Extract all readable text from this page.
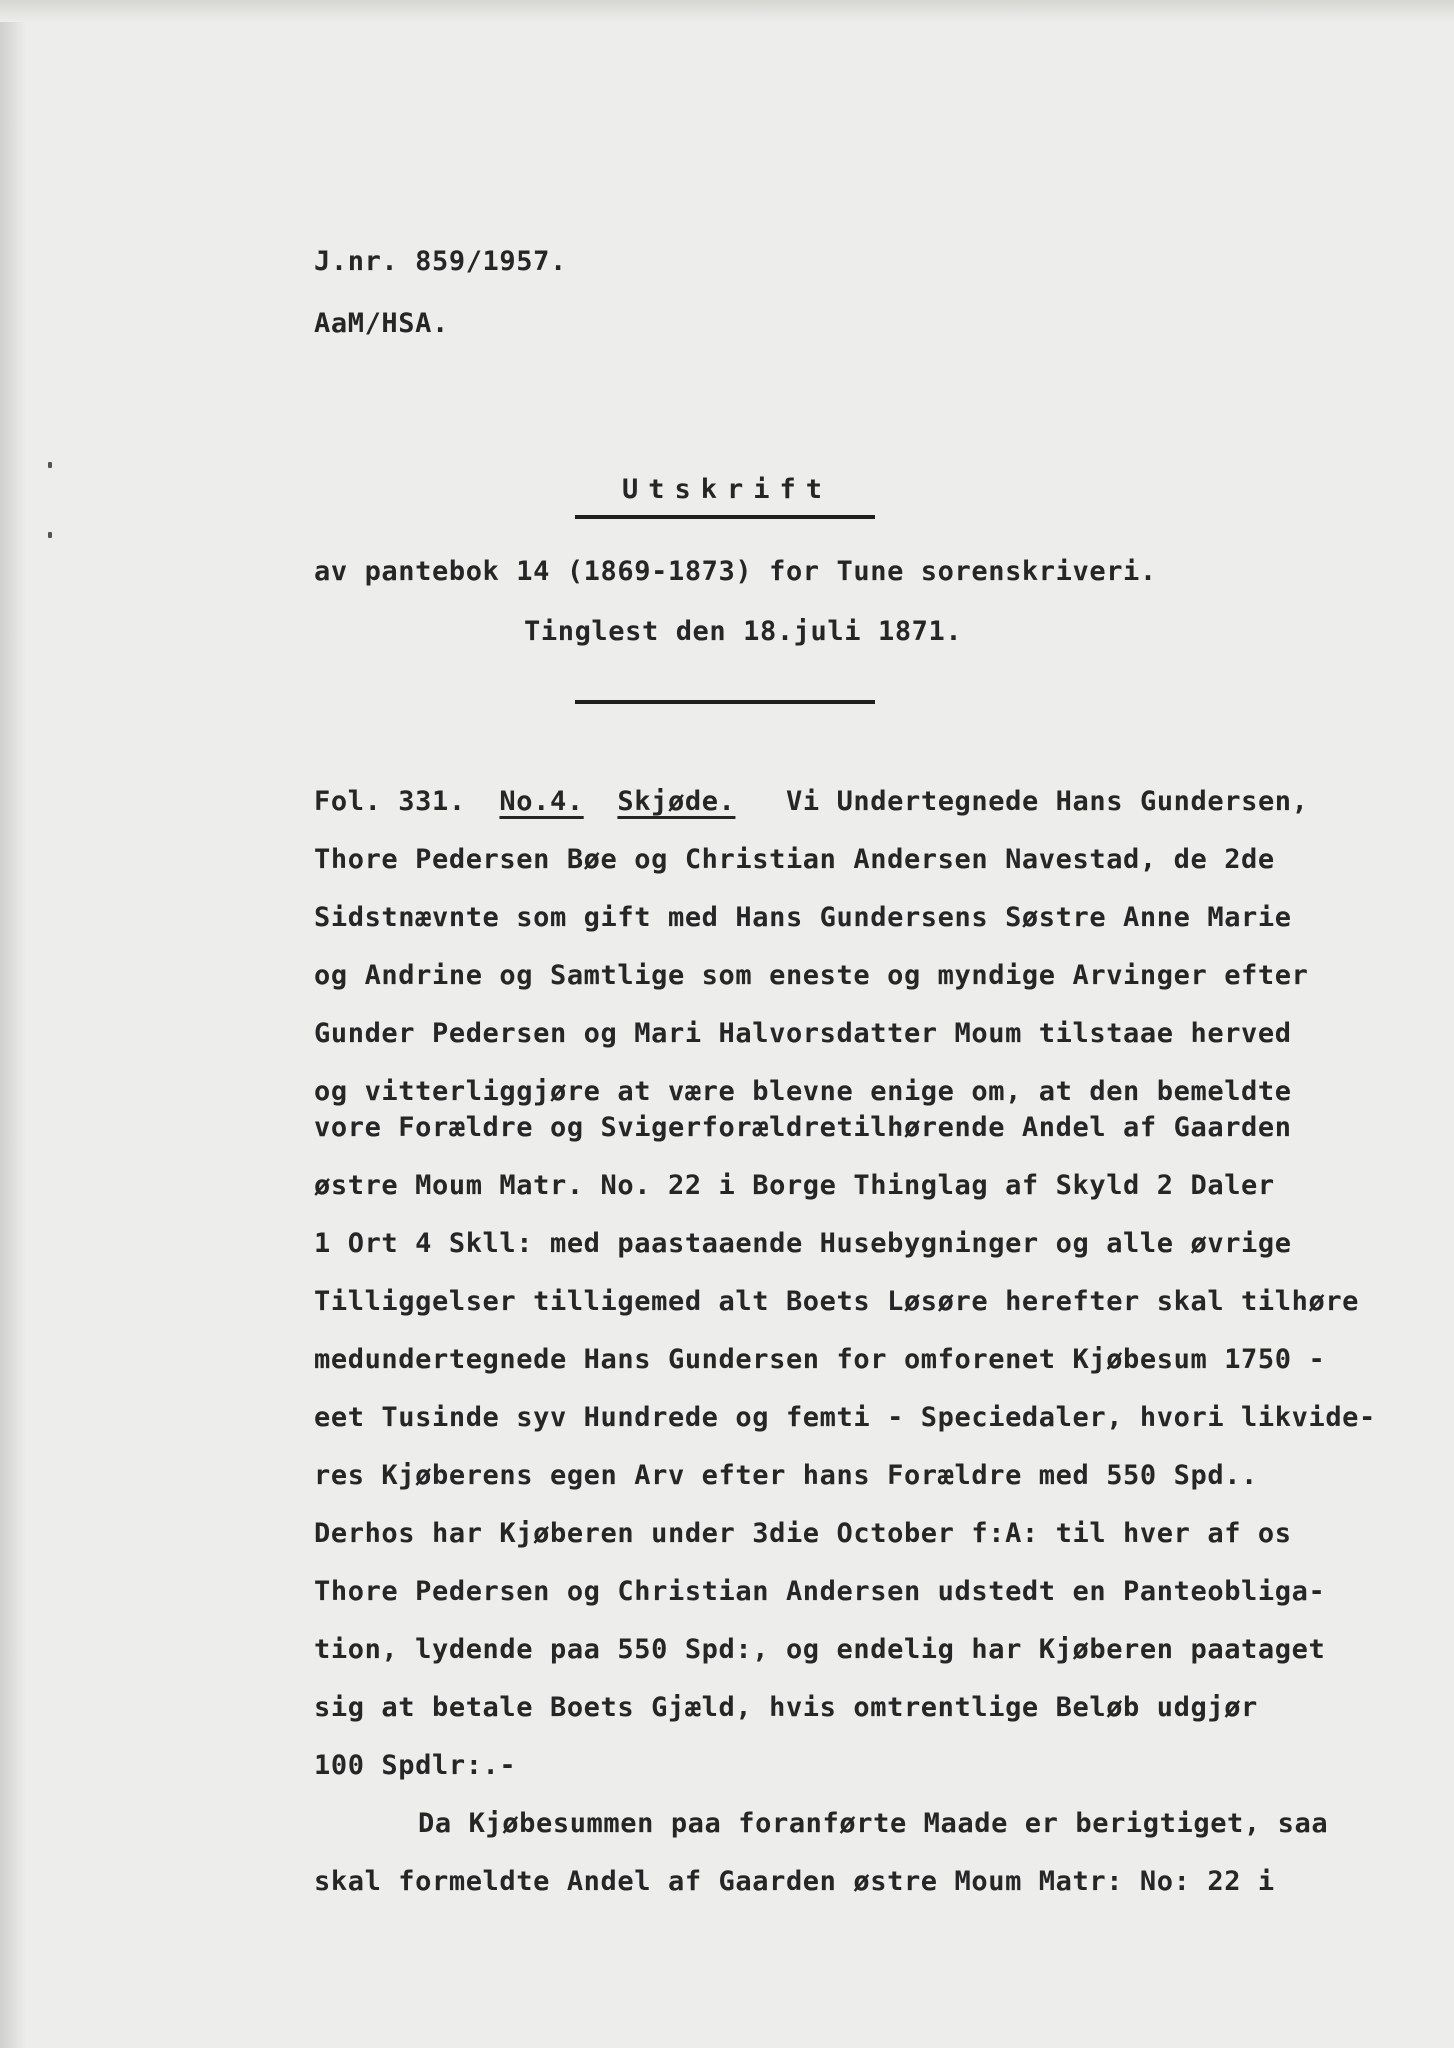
J.nr. 859/1957.
AaM/HSA.
Utskrift
av pantebok 14 (1869-1873) for Tune sorenskriveri.
Tinglest den 18.juli 1871.
Fol. 331. No.4. Skjøde. Vi Undertegnede Hans Gundersen,
Thore Pedersen Bøe og Christian Andersen Navestad, de 2de
Sidstnævnte som gift med Hans Gundersens Søstre Anne Marie
og Andrine og Samtlige som eneste og myndige Arvinger efter
Gunder Pedersen og Mari Halvorsdatter Moum tilstaae herved
og vitterliggjøre at være blevne enige om, at den bemeldte
vore Forældre og Svigerforældretilhørende Andel af Gaarden
østre Moum Matr. No. 22 i Borge Thinglag af Skyld 2 Daler
1 Ort 4 Skll: med paastaaende Husebygninger og alle øvrige
Tilliggelser tilligemed alt Boets Løsøre herefter skal tilhøre
medundertegnede Hans Gundersen for omforenet Kjøbesum 1750 -
eet Tusinde syv Hundrede og femti - Speciedaler, hvori likvide-
res Kjøberens egen Arv efter hans Forældre med 550 Spd..
Derhos har Kjøberen under 3die October f:A: til hver af os
Thore Pedersen og Christian Andersen udstedt en Panteobliga-
tion, lydende paa 550 Spd:, og endelig har Kjøberen paataget
sig at betale Boets Gjæld, hvis omtrentlige Beløb udgjør
100 Spdlr:.-
Da Kjøbesummen paa foranførte Maade er berigtiget, saa
skal formeldte Andel af Gaarden østre Moum Matr: No: 22 i
